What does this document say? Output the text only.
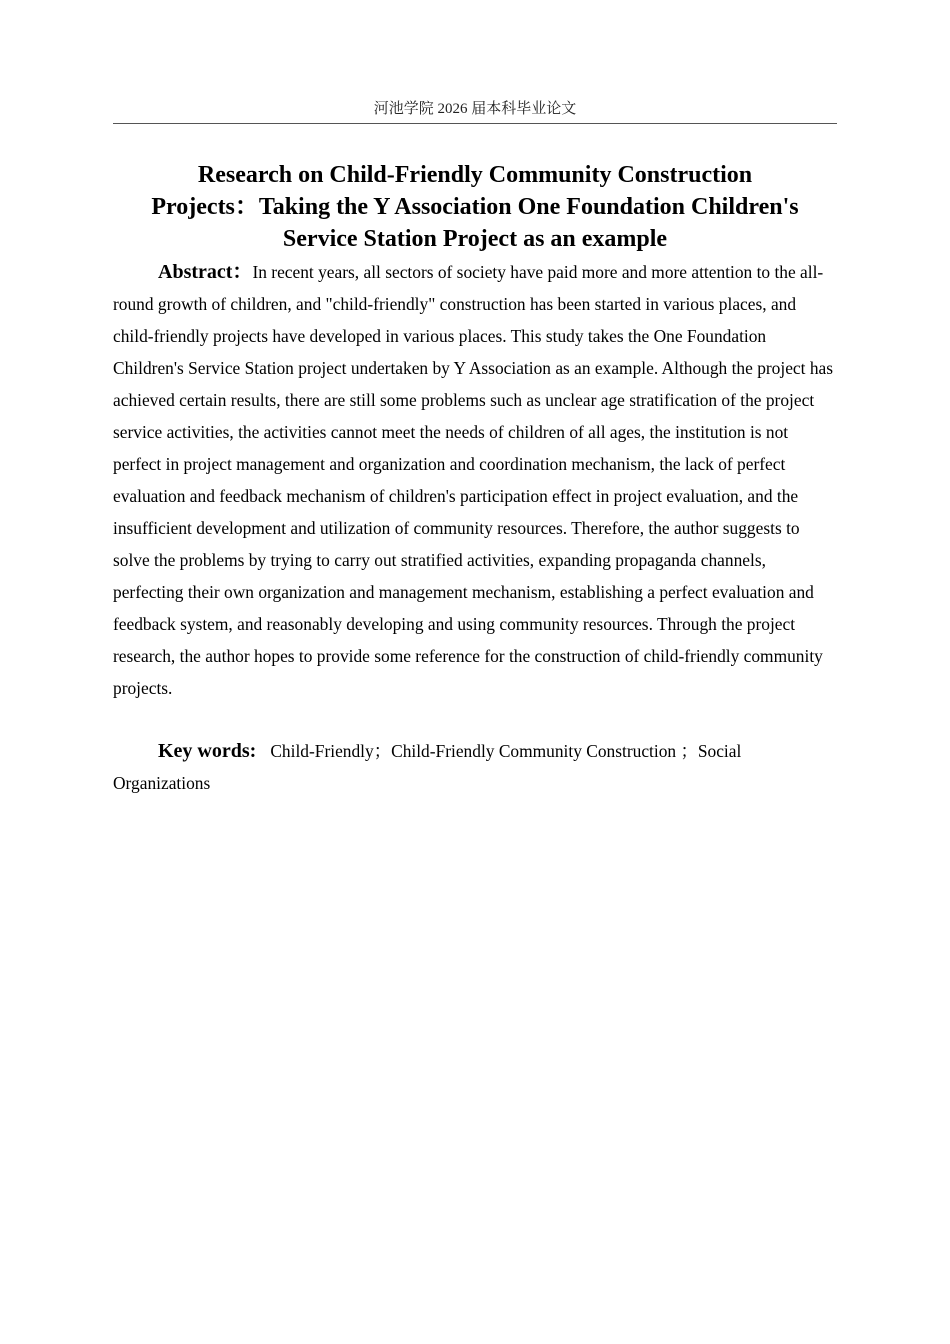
河池学院 2026 届本科毕业论文
Research on Child-Friendly Community Construction
Projects：Taking the Y Association One Foundation Children's
Service Station Project as an example

Abstract：In recent years, all sectors of society have paid more and more attention to the all-round growth of children, and "child-friendly" construction has been started in various places, and child-friendly projects have developed in various places. This study takes the One Foundation Children's Service Station project undertaken by Y Association as an example. Although the project has achieved certain results, there are still some problems such as unclear age stratification of the project service activities, the activities cannot meet the needs of children of all ages, the institution is not perfect in project management and organization and coordination mechanism, the lack of perfect evaluation and feedback mechanism of children's participation effect in project evaluation, and the insufficient development and utilization of community resources. Therefore, the author suggests to solve the problems by trying to carry out stratified activities, expanding propaganda channels, perfecting their own organization and management mechanism, establishing a perfect evaluation and feedback system, and reasonably developing and using community resources. Through the project research, the author hopes to provide some reference for the construction of child-friendly community projects.

Key words: Child-Friendly；Child-Friendly Community Construction ；Social Organizations
